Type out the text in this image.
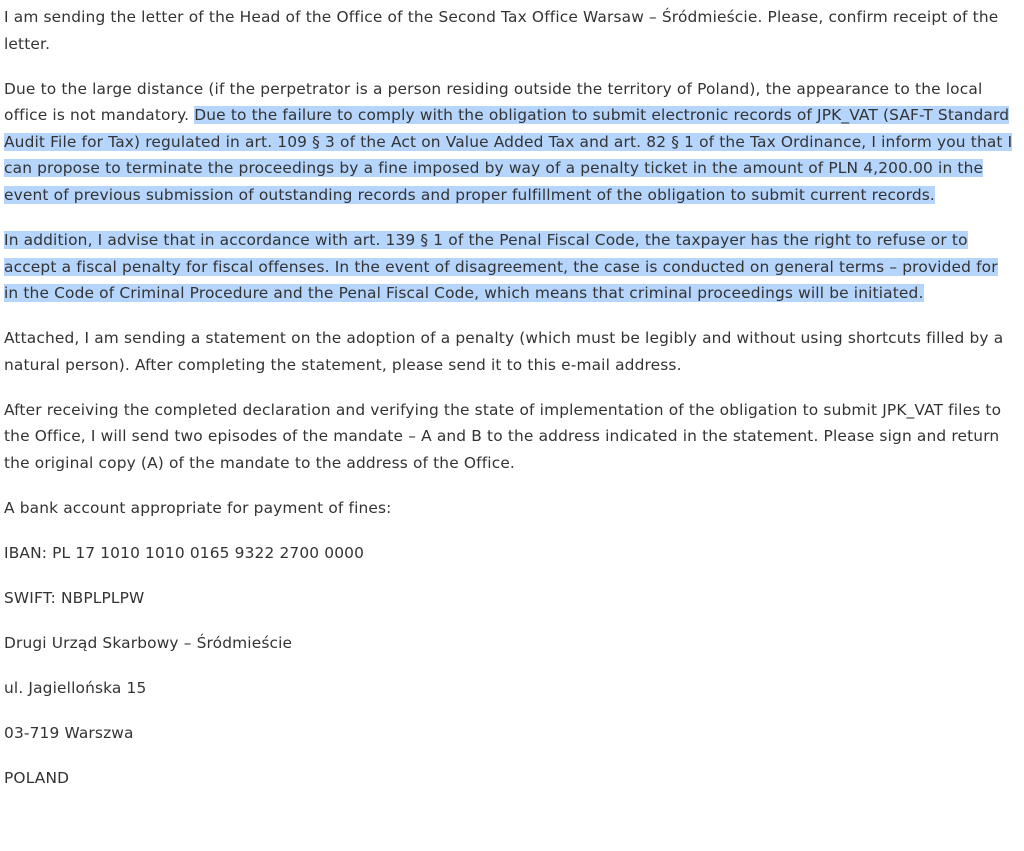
I am sending the letter of the Head of the Office of the Second Tax Office Warsaw – Śródmieście. Please, confirm receipt of the letter.

Due to the large distance (if the perpetrator is a person residing outside the territory of Poland), the appearance to the local office is not mandatory. Due to the failure to comply with the obligation to submit electronic records of JPK_VAT (SAF-T Standard Audit File for Tax) regulated in art. 109 § 3 of the Act on Value Added Tax and art. 82 § 1 of the Tax Ordinance, I inform you that I can propose to terminate the proceedings by a fine imposed by way of a penalty ticket in the amount of PLN 4,200.00 in the event of previous submission of outstanding records and proper fulfillment of the obligation to submit current records.

In addition, I advise that in accordance with art. 139 § 1 of the Penal Fiscal Code, the taxpayer has the right to refuse or to accept a fiscal penalty for fiscal offenses. In the event of disagreement, the case is conducted on general terms – provided for in the Code of Criminal Procedure and the Penal Fiscal Code, which means that criminal proceedings will be initiated.

Attached, I am sending a statement on the adoption of a penalty (which must be legibly and without using shortcuts filled by a natural person). After completing the statement, please send it to this e-mail address.

After receiving the completed declaration and verifying the state of implementation of the obligation to submit JPK_VAT files to the Office, I will send two episodes of the mandate – A and B to the address indicated in the statement. Please sign and return the original copy (A) of the mandate to the address of the Office.

A bank account appropriate for payment of fines:

IBAN: PL 17 1010 1010 0165 9322 2700 0000

SWIFT: NBPLPLPW

Drugi Urząd Skarbowy – Śródmieście

ul. Jagiellońska 15

03-719 Warszwa

POLAND
